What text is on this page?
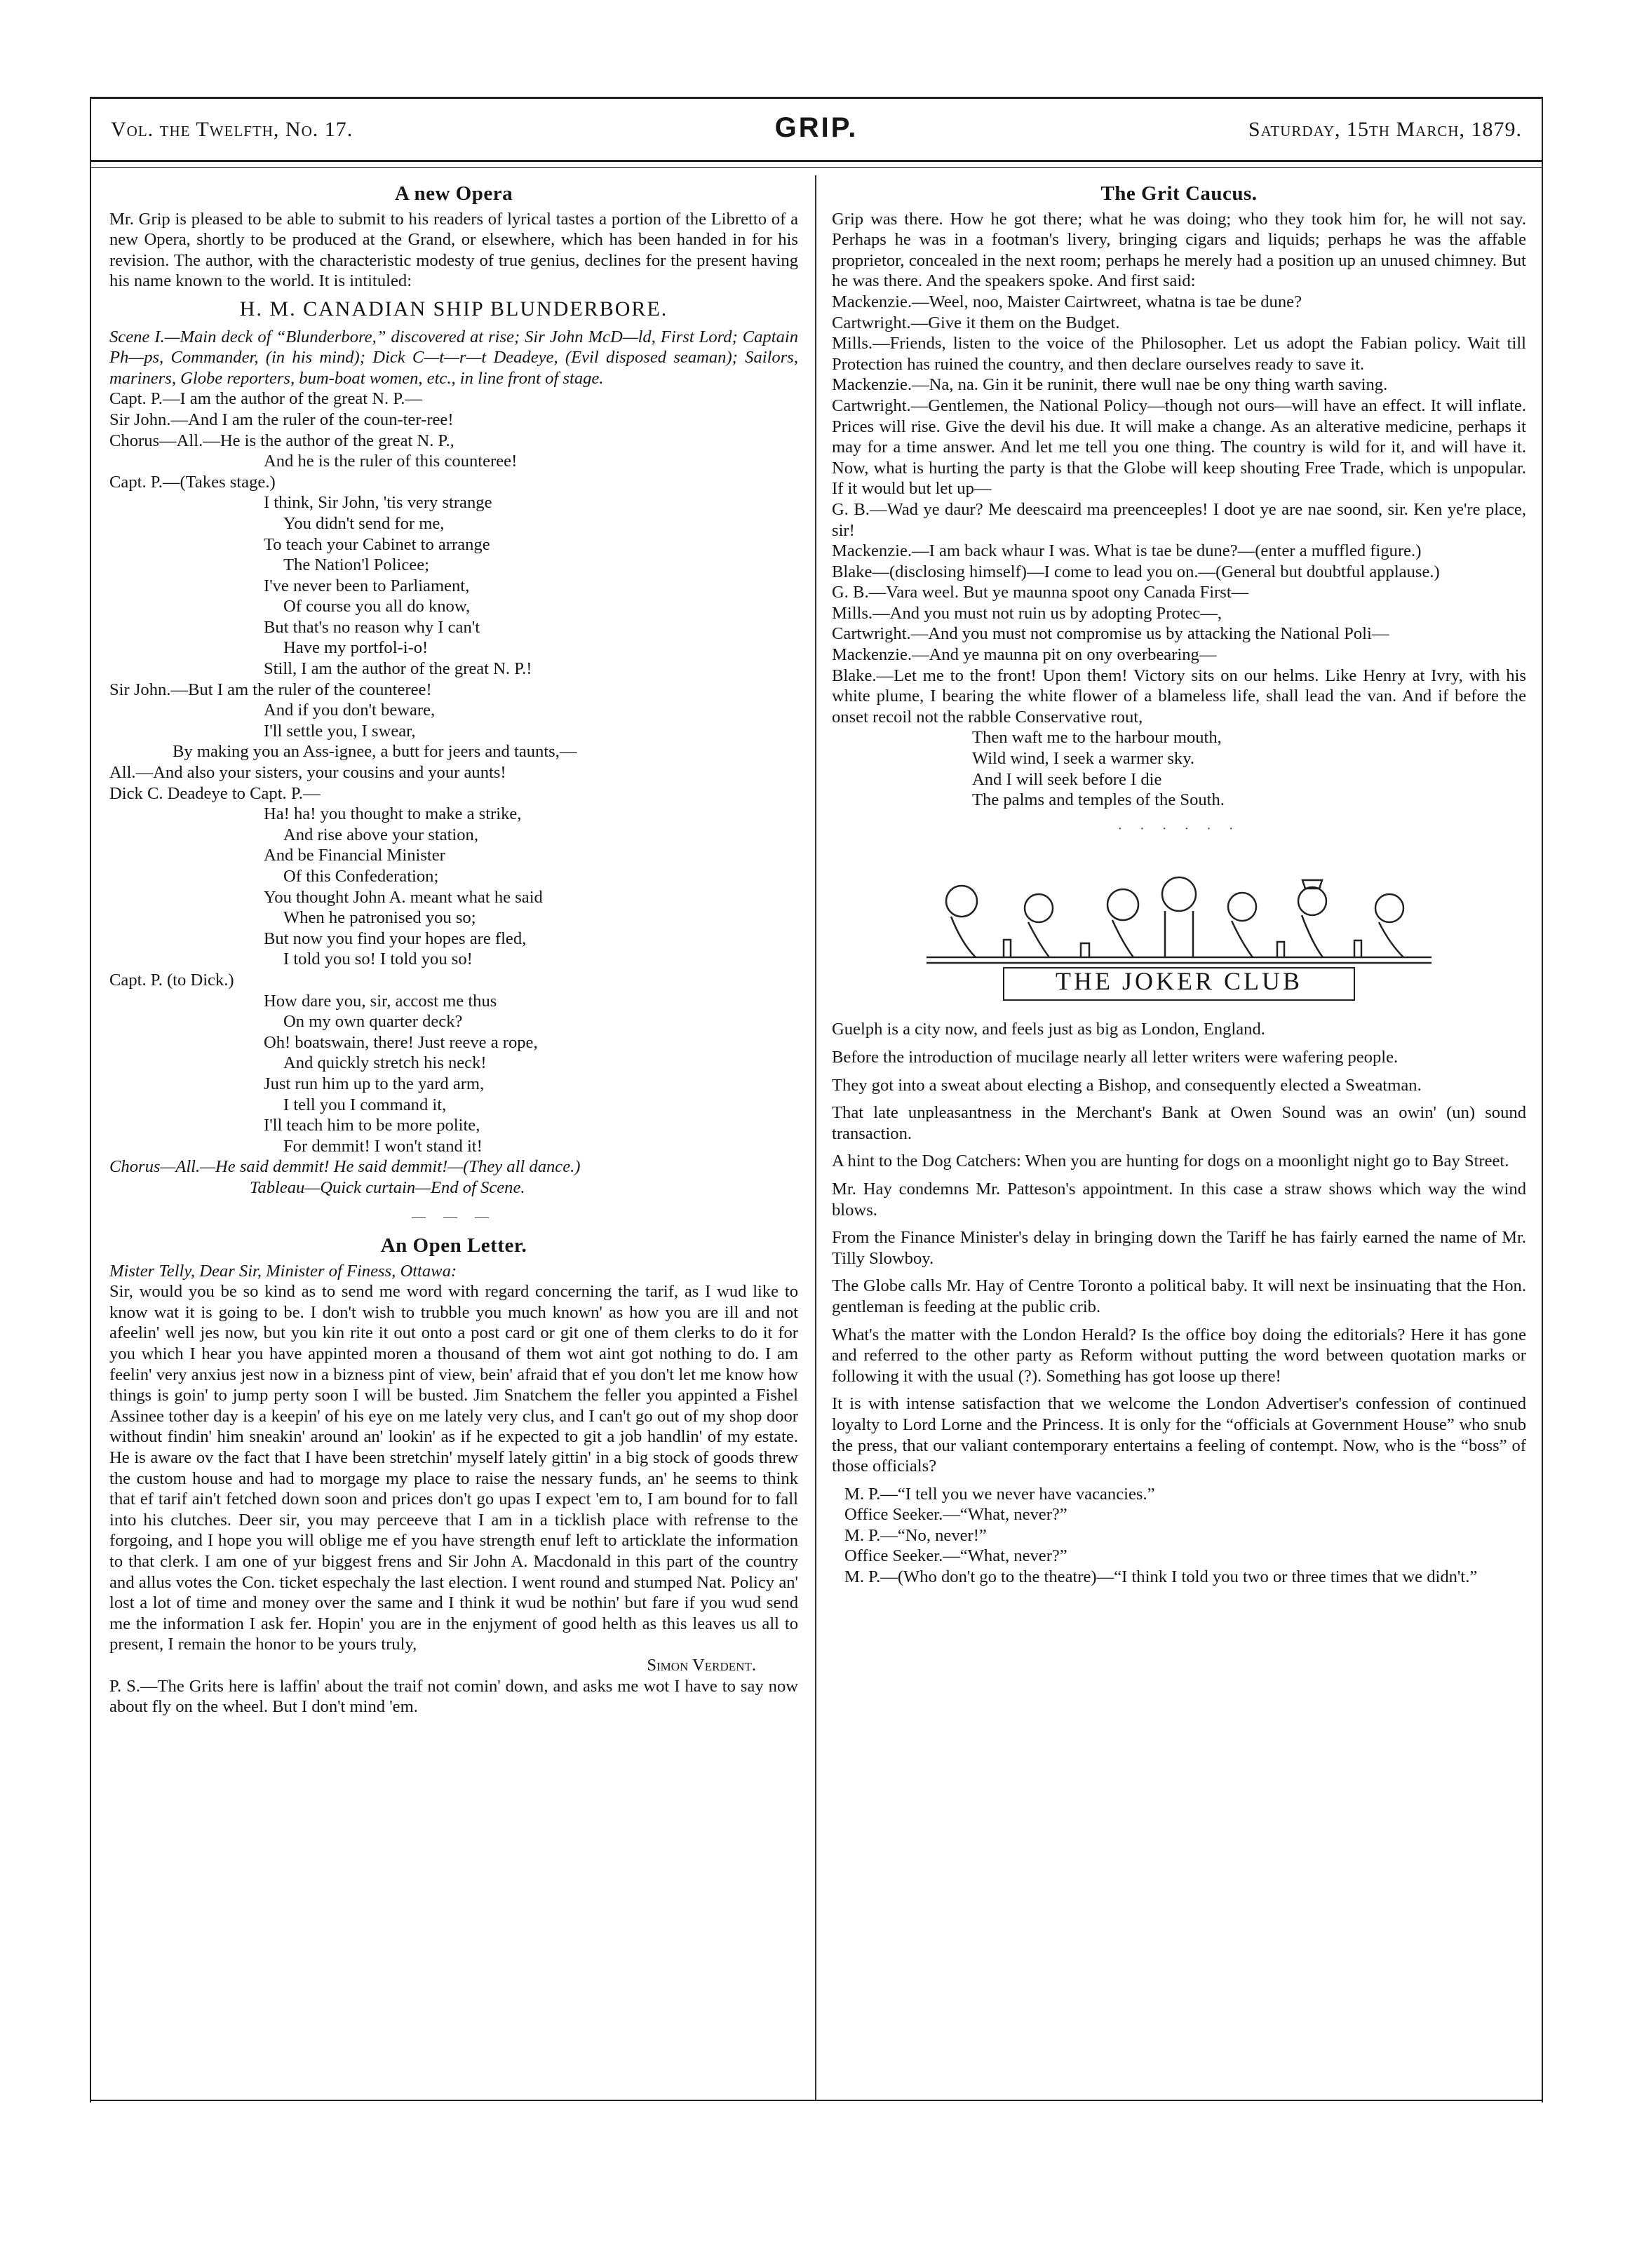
Vol. the Twelfth, No. 17.	GRIP.	Saturday, 15th March, 1879.
A new Opera

Mr. Grip is pleased to be able to submit to his readers of lyrical tastes a portion of the Libretto of a new Opera, shortly to be produced at the Grand, or elsewhere, which has been handed in for his revision. The author, with the characteristic modesty of true genius, declines for the present having his name known to the world. It is intituled:

H. M. CANADIAN SHIP BLUNDERBORE.

Scene I.—Main deck of “Blunderbore,” discovered at rise; Sir John McD—ld, First Lord; Captain Ph—ps, Commander, (in his mind); Dick C—t—r—t Deadeye, (Evil disposed seaman); Sailors, mariners, Globe reporters, bum-boat women, etc., in line front of stage.

Capt. P.—I am the author of the great N. P.—

Sir John.—And I am the ruler of the coun-ter-ree!

Chorus—All.—He is the author of the great N. P.,

And he is the ruler of this counteree!

Capt. P.—(Takes stage.)

I think, Sir John, 'tis very strange
You didn't send for me,
To teach your Cabinet to arrange
The Nation'l Policee;
I've never been to Parliament,
Of course you all do know,
But that's no reason why I can't
Have my portfol-i-o!
Still, I am the author of the great N. P.!

Sir John.—But I am the ruler of the counteree!

And if you don't beware,
I'll settle you, I swear,

By making you an Ass-ignee, a butt for jeers and taunts,—

All.—And also your sisters, your cousins and your aunts!

Dick C. Deadeye to Capt. P.—

Ha! ha! you thought to make a strike,
And rise above your station,
And be Financial Minister
Of this Confederation;
You thought John A. meant what he said
When he patronised you so;
But now you find your hopes are fled,
I told you so! I told you so!

Capt. P. (to Dick.)

How dare you, sir, accost me thus
On my own quarter deck?
Oh! boatswain, there! Just reeve a rope,
And quickly stretch his neck!
Just run him up to the yard arm,
I tell you I command it,
I'll teach him to be more polite,
For demmit! I won't stand it!

Chorus—All.—He said demmit! He said demmit!—(They all dance.)

Tableau—Quick curtain—End of Scene.

— — —
An Open Letter.

Mister Telly, Dear Sir, Minister of Finess, Ottawa:

Sir, would you be so kind as to send me word with regard concerning the tarif, as I wud like to know wat it is going to be. I don't wish to trubble you much known' as how you are ill and not afeelin' well jes now, but you kin rite it out onto a post card or git one of them clerks to do it for you which I hear you have appinted moren a thousand of them wot aint got nothing to do. I am feelin' very anxius jest now in a bizness pint of view, bein' afraid that ef you don't let me know how things is goin' to jump perty soon I will be busted. Jim Snatchem the feller you appinted a Fishel Assinee tother day is a keepin' of his eye on me lately very clus, and I can't go out of my shop door without findin' him sneakin' around an' lookin' as if he expected to git a job handlin' of my estate. He is aware ov the fact that I have been stretchin' myself lately gittin' in a big stock of goods threw the custom house and had to morgage my place to raise the nessary funds, an' he seems to think that ef tarif ain't fetched down soon and prices don't go upas I expect 'em to, I am bound for to fall into his clutches. Deer sir, you may perceeve that I am in a ticklish place with refrense to the forgoing, and I hope you will oblige me ef you have strength enuf left to articklate the information to that clerk. I am one of yur biggest frens and Sir John A. Macdonald in this part of the country and allus votes the Con. ticket espechaly the last election. I went round and stumped Nat. Policy an' lost a lot of time and money over the same and I think it wud be nothin' but fare if you wud send me the information I ask fer. Hopin' you are in the enjyment of good helth as this leaves us all to present, I remain the honor to be yours truly,

Simon Verdent.

P. S.—The Grits here is laffin' about the traif not comin' down, and asks me wot I have to say now about fly on the wheel. But I don't mind 'em.

The Grit Caucus.

Grip was there. How he got there; what he was doing; who they took him for, he will not say. Perhaps he was in a footman's livery, bringing cigars and liquids; perhaps he was the affable proprietor, concealed in the next room; perhaps he merely had a position up an unused chimney. But he was there. And the speakers spoke. And first said:

Mackenzie.—Weel, noo, Maister Cairtwreet, whatna is tae be dune?

Cartwright.—Give it them on the Budget.

Mills.—Friends, listen to the voice of the Philosopher. Let us adopt the Fabian policy. Wait till Protection has ruined the country, and then declare ourselves ready to save it.

Mackenzie.—Na, na. Gin it be runinit, there wull nae be ony thing warth saving.

Cartwright.—Gentlemen, the National Policy—though not ours—will have an effect. It will inflate. Prices will rise. Give the devil his due. It will make a change. As an alterative medicine, perhaps it may for a time answer. And let me tell you one thing. The country is wild for it, and will have it. Now, what is hurting the party is that the Globe will keep shouting Free Trade, which is unpopular. If it would but let up—

G. B.—Wad ye daur? Me deescaird ma preenceeples! I doot ye are nae soond, sir. Ken ye're place, sir!

Mackenzie.—I am back whaur I was. What is tae be dune?—(enter a muffled figure.)

Blake—(disclosing himself)—I come to lead you on.—(General but doubtful applause.)

G. B.—Vara weel. But ye maunna spoot ony Canada First—

Mills.—And you must not ruin us by adopting Protec—,

Cartwright.—And you must not compromise us by attacking the National Poli—

Mackenzie.—And ye maunna pit on ony overbearing—

Blake.—Let me to the front! Upon them! Victory sits on our helms. Like Henry at Ivry, with his white plume, I bearing the white flower of a blameless life, shall lead the van. And if before the onset recoil not the rabble Conservative rout,

Then waft me to the harbour mouth,
Wild wind, I seek a warmer sky.
And I will seek before I die
The palms and temples of the South.
· · · · · ·
THE JOKER CLUB

Guelph is a city now, and feels just as big as London, England.

Before the introduction of mucilage nearly all letter writers were wafering people.

They got into a sweat about electing a Bishop, and consequently elected a Sweatman.

That late unpleasantness in the Merchant's Bank at Owen Sound was an owin' (un) sound transaction.

A hint to the Dog Catchers: When you are hunting for dogs on a moonlight night go to Bay Street.

Mr. Hay condemns Mr. Patteson's appointment. In this case a straw shows which way the wind blows.

From the Finance Minister's delay in bringing down the Tariff he has fairly earned the name of Mr. Tilly Slowboy.

The Globe calls Mr. Hay of Centre Toronto a political baby. It will next be insinuating that the Hon. gentleman is feeding at the public crib.

What's the matter with the London Herald? Is the office boy doing the editorials? Here it has gone and referred to the other party as Reform without putting the word between quotation marks or following it with the usual (?). Something has got loose up there!

It is with intense satisfaction that we welcome the London Advertiser's confession of continued loyalty to Lord Lorne and the Princess. It is only for the “officials at Government House” who snub the press, that our valiant contemporary entertains a feeling of contempt. Now, who is the “boss” of those officials?

M. P.—“I tell you we never have vacancies.”

Office Seeker.—“What, never?”

M. P.—“No, never!”

Office Seeker.—“What, never?”

M. P.—(Who don't go to the theatre)—“I think I told you two or three times that we didn't.”
